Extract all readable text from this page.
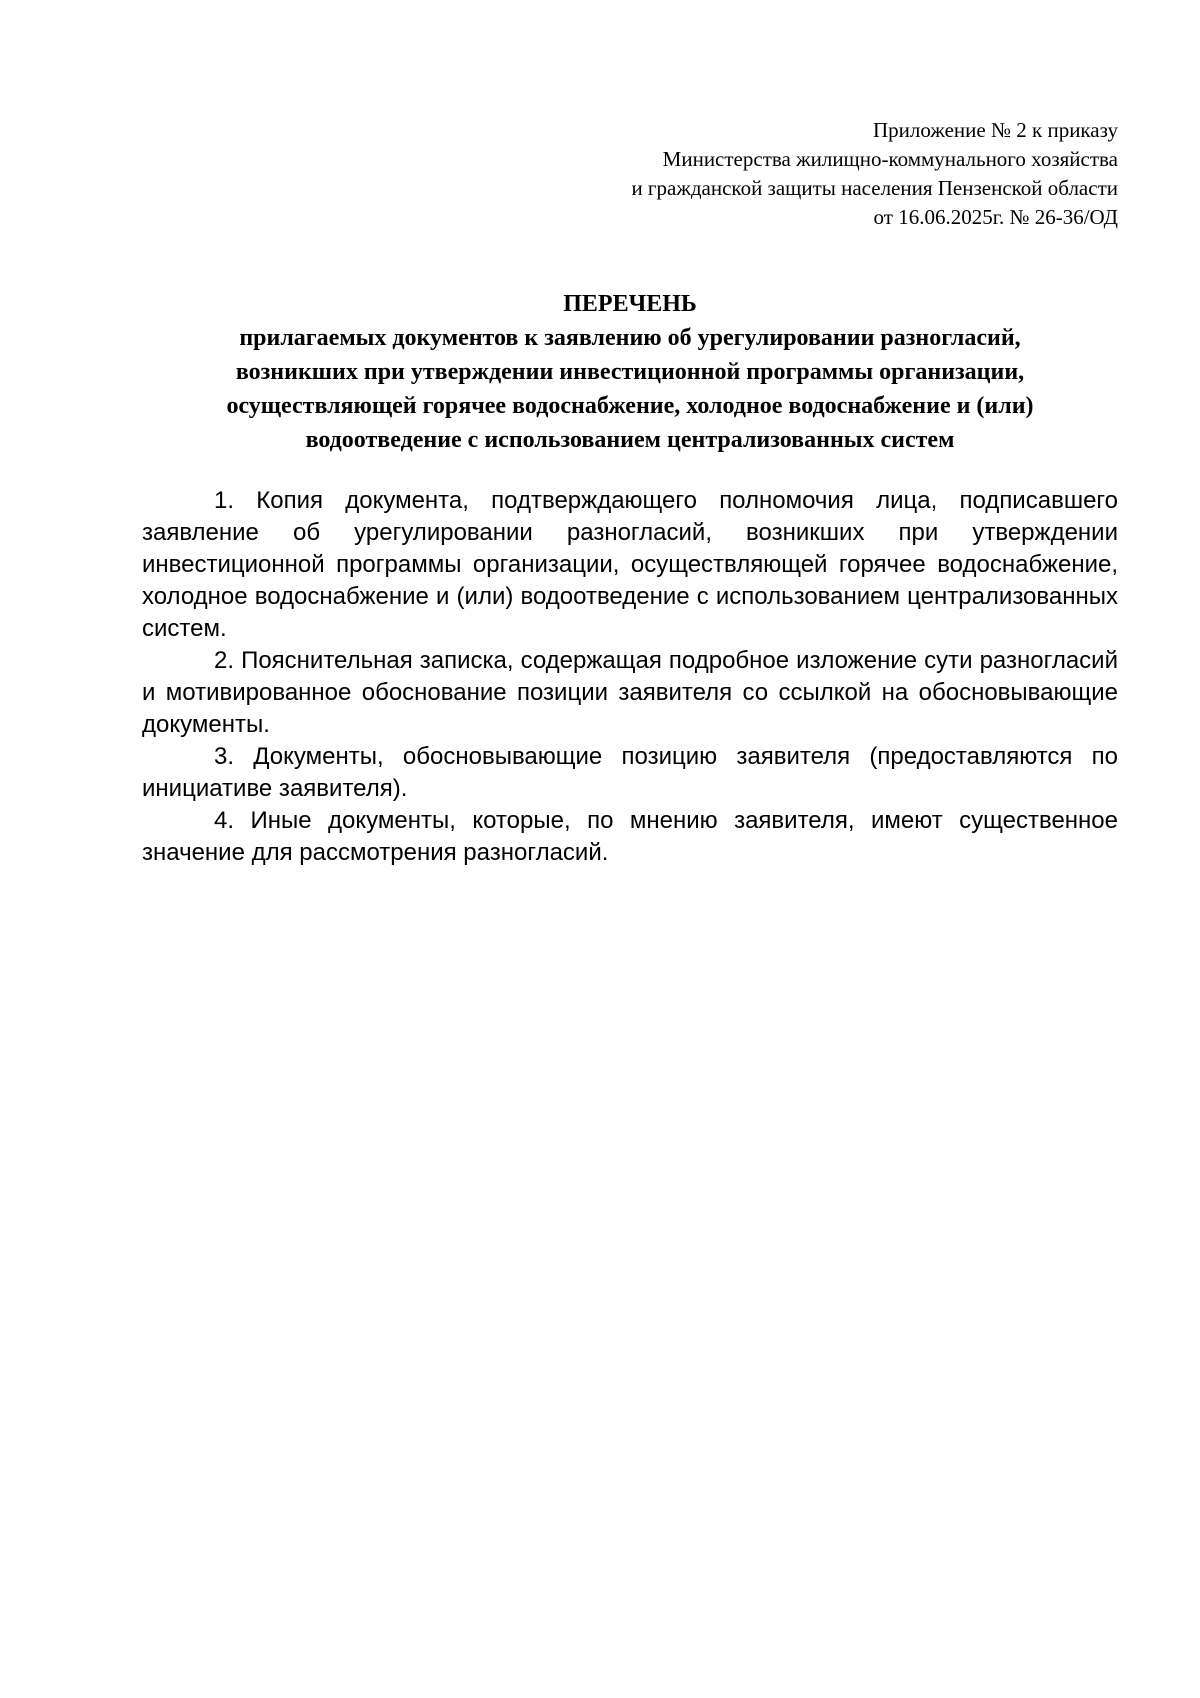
Приложение № 2 к приказу
Министерства жилищно-коммунального хозяйства
и гражданской защиты населения Пензенской области
от 16.06.2025г. № 26-36/ОД
ПЕРЕЧЕНЬ
прилагаемых документов к заявлению об урегулировании разногласий,
возникших при утверждении инвестиционной программы организации,
осуществляющей горячее водоснабжение, холодное водоснабжение и (или)
водоотведение с использованием централизованных систем

1. Копия документа, подтверждающего полномочия лица, подписавшего заявление об урегулировании разногласий, возникших при утверждении инвестиционной программы организации, осуществляющей горячее водоснабжение, холодное водоснабжение и (или) водоотведение с использованием централизованных систем.

2. Пояснительная записка, содержащая подробное изложение сути разногласий и мотивированное обоснование позиции заявителя со ссылкой на обосновывающие документы.

3. Документы, обосновывающие позицию заявителя (предоставляются по инициативе заявителя).

4. Иные документы, которые, по мнению заявителя, имеют существенное значение для рассмотрения разногласий.
